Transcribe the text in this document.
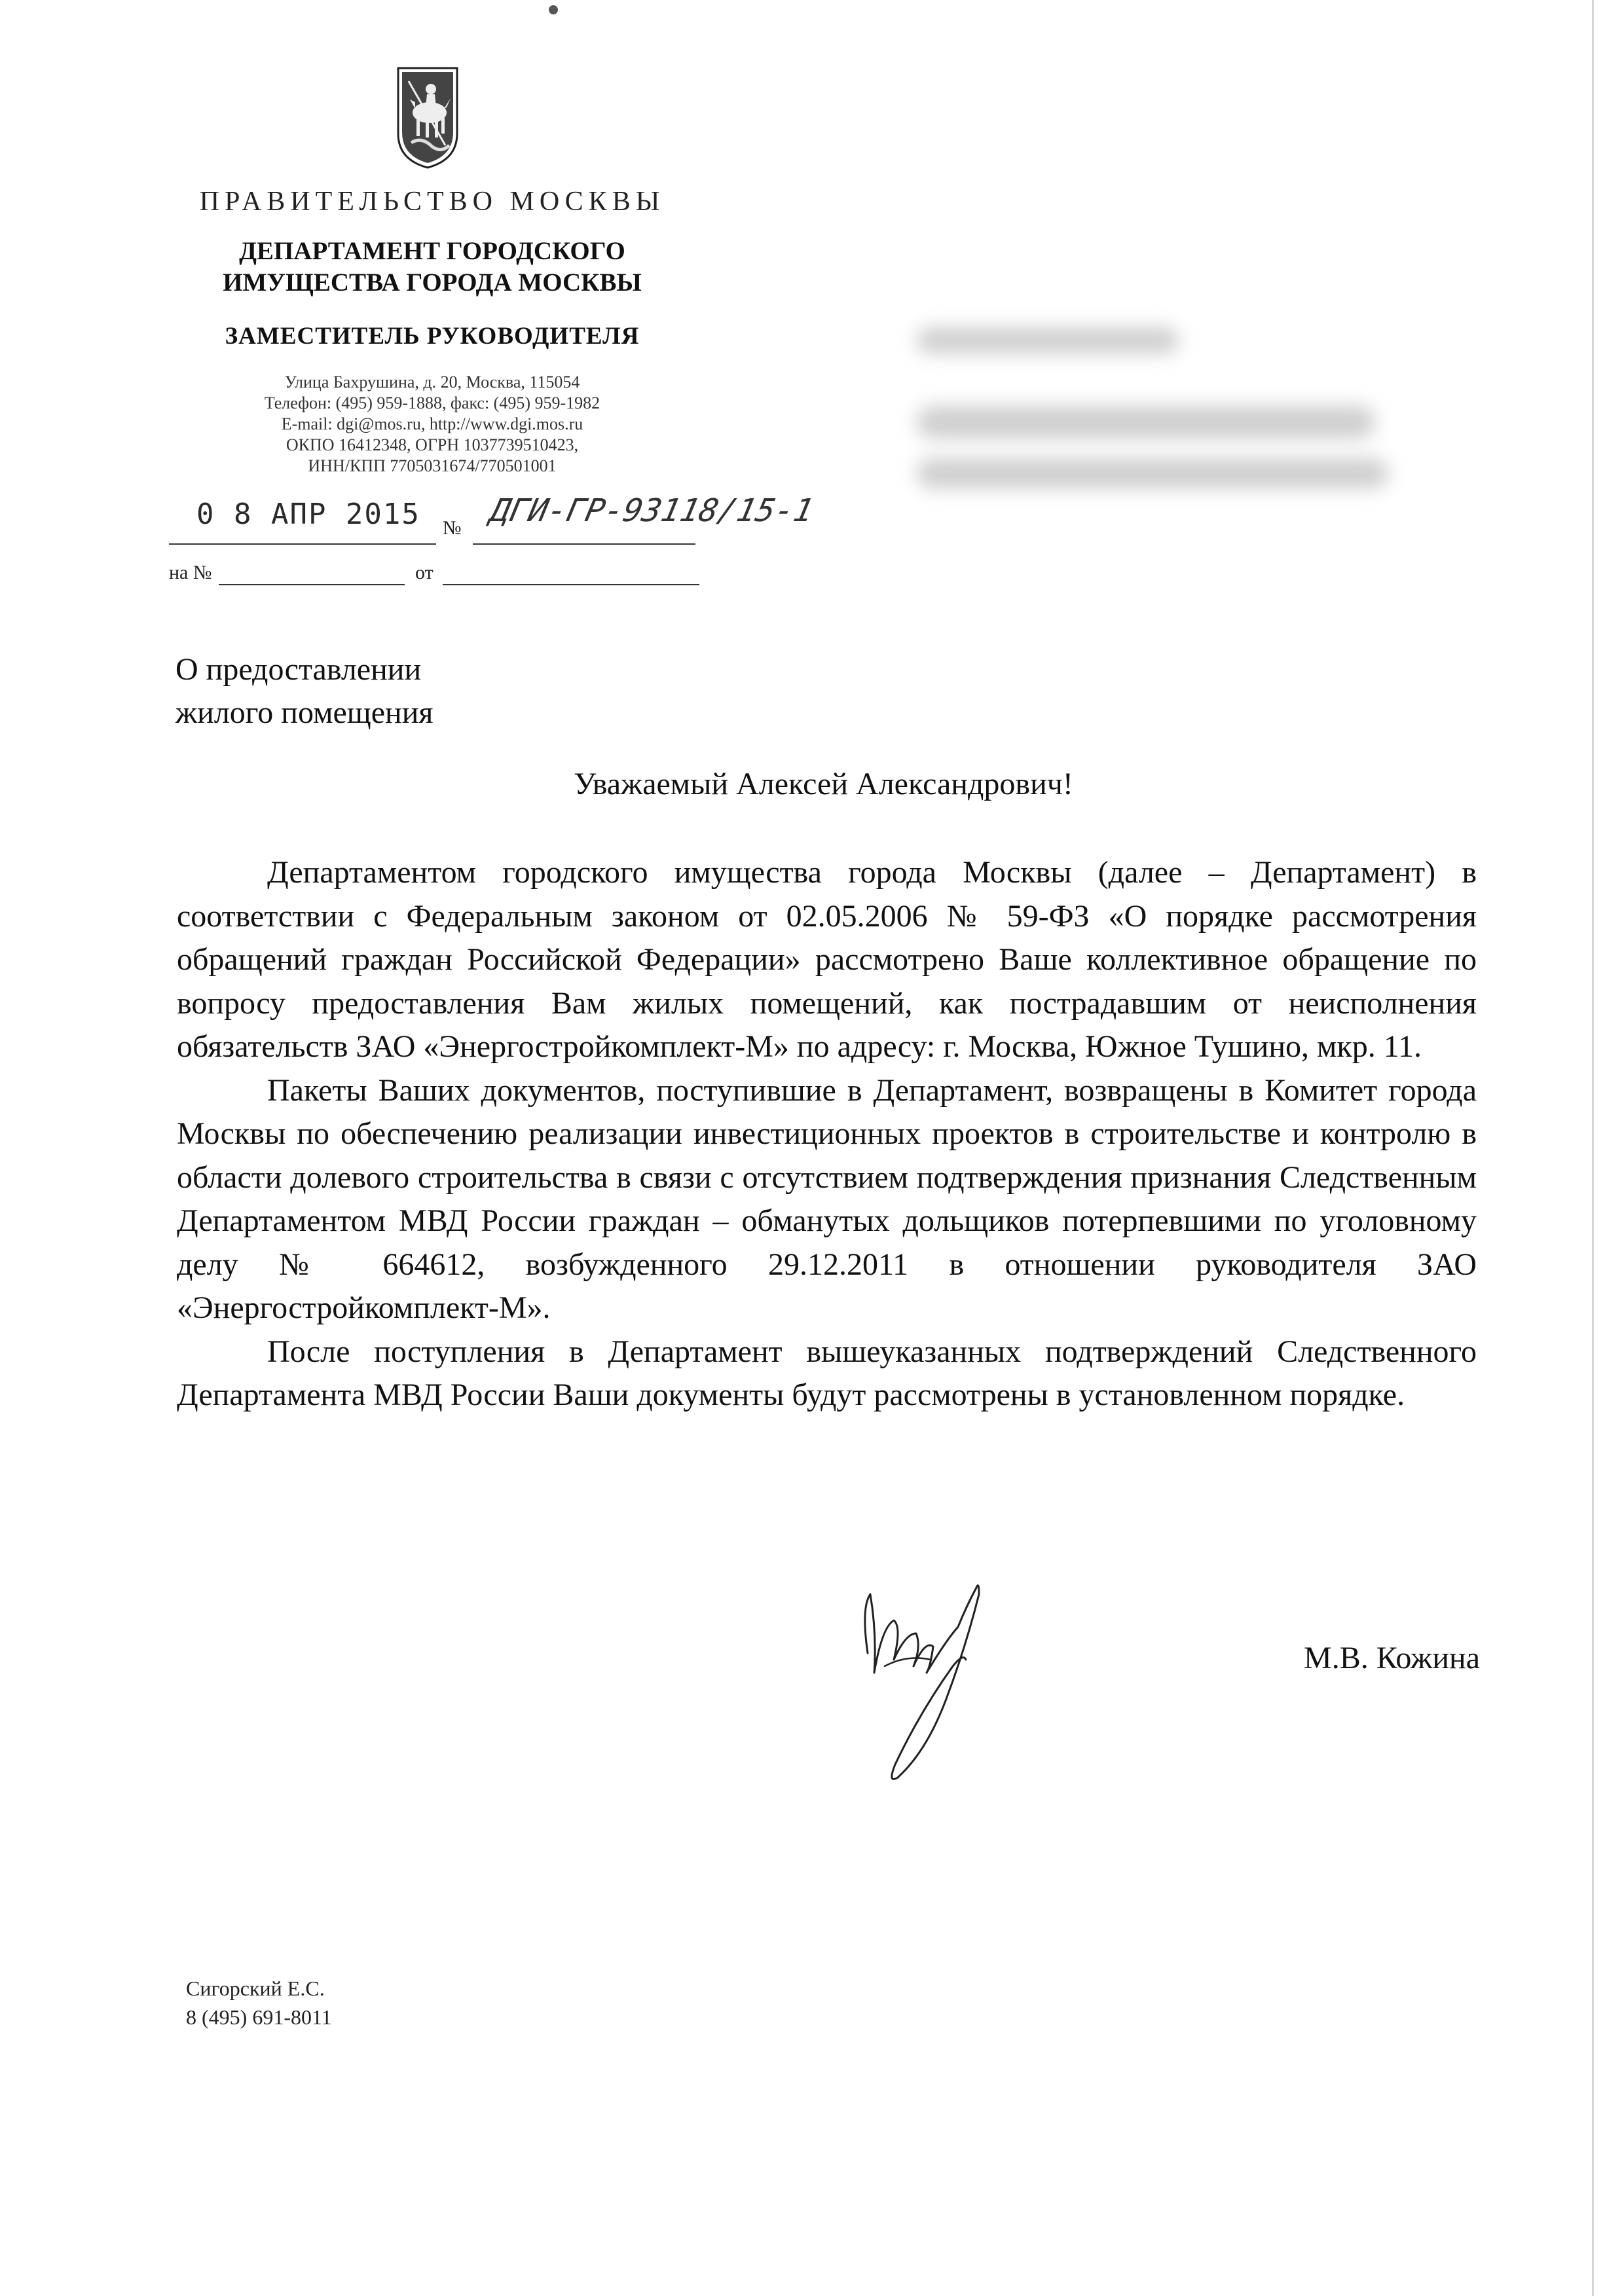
ПРАВИТЕЛЬСТВО МОСКВЫ
ДЕПАРТАМЕНТ ГОРОДСКОГО
ИМУЩЕСТВА ГОРОДА МОСКВЫ
ЗАМЕСТИТЕЛЬ РУКОВОДИТЕЛЯ
Улица Бахрушина, д. 20, Москва, 115054
Телефон: (495) 959-1888, факс: (495) 959-1982
E-mail: dgi@mos.ru, http://www.dgi.mos.ru
ОКПО 16412348, ОГРН 1037739510423,
ИНН/КПП 7705031674/770501001
0 8 АПР 2015 № ДГИ-ГР-93118/15-1
на №	от
О предоставлении
жилого помещения
Уважаемый Алексей Александрович!

Департаментом городского имущества города Москвы (далее – Департамент) в соответствии с Федеральным законом от 02.05.2006 № 59-ФЗ «О порядке рассмотрения обращений граждан Российской Федерации» рассмотрено Ваше коллективное обращение по вопросу предоставления Вам жилых помещений, как пострадавшим от неисполнения обязательств ЗАО «Энергостройкомплект-М» по адресу: г. Москва, Южное Тушино, мкр. 11.

Пакеты Ваших документов, поступившие в Департамент, возвращены в Комитет города Москвы по обеспечению реализации инвестиционных проектов в строительстве и контролю в области долевого строительства в связи с отсутствием подтверждения признания Следственным Департаментом МВД России граждан – обманутых дольщиков потерпевшими по уголовному делу № 664612, возбужденного 29.12.2011 в отношении руководителя ЗАО «Энергостройкомплект-М».

После поступления в Департамент вышеуказанных подтверждений Следственного Департамента МВД России Ваши документы будут рассмотрены в установленном порядке.

М.В. Кожина
Сигорский Е.С.
8 (495) 691-8011
